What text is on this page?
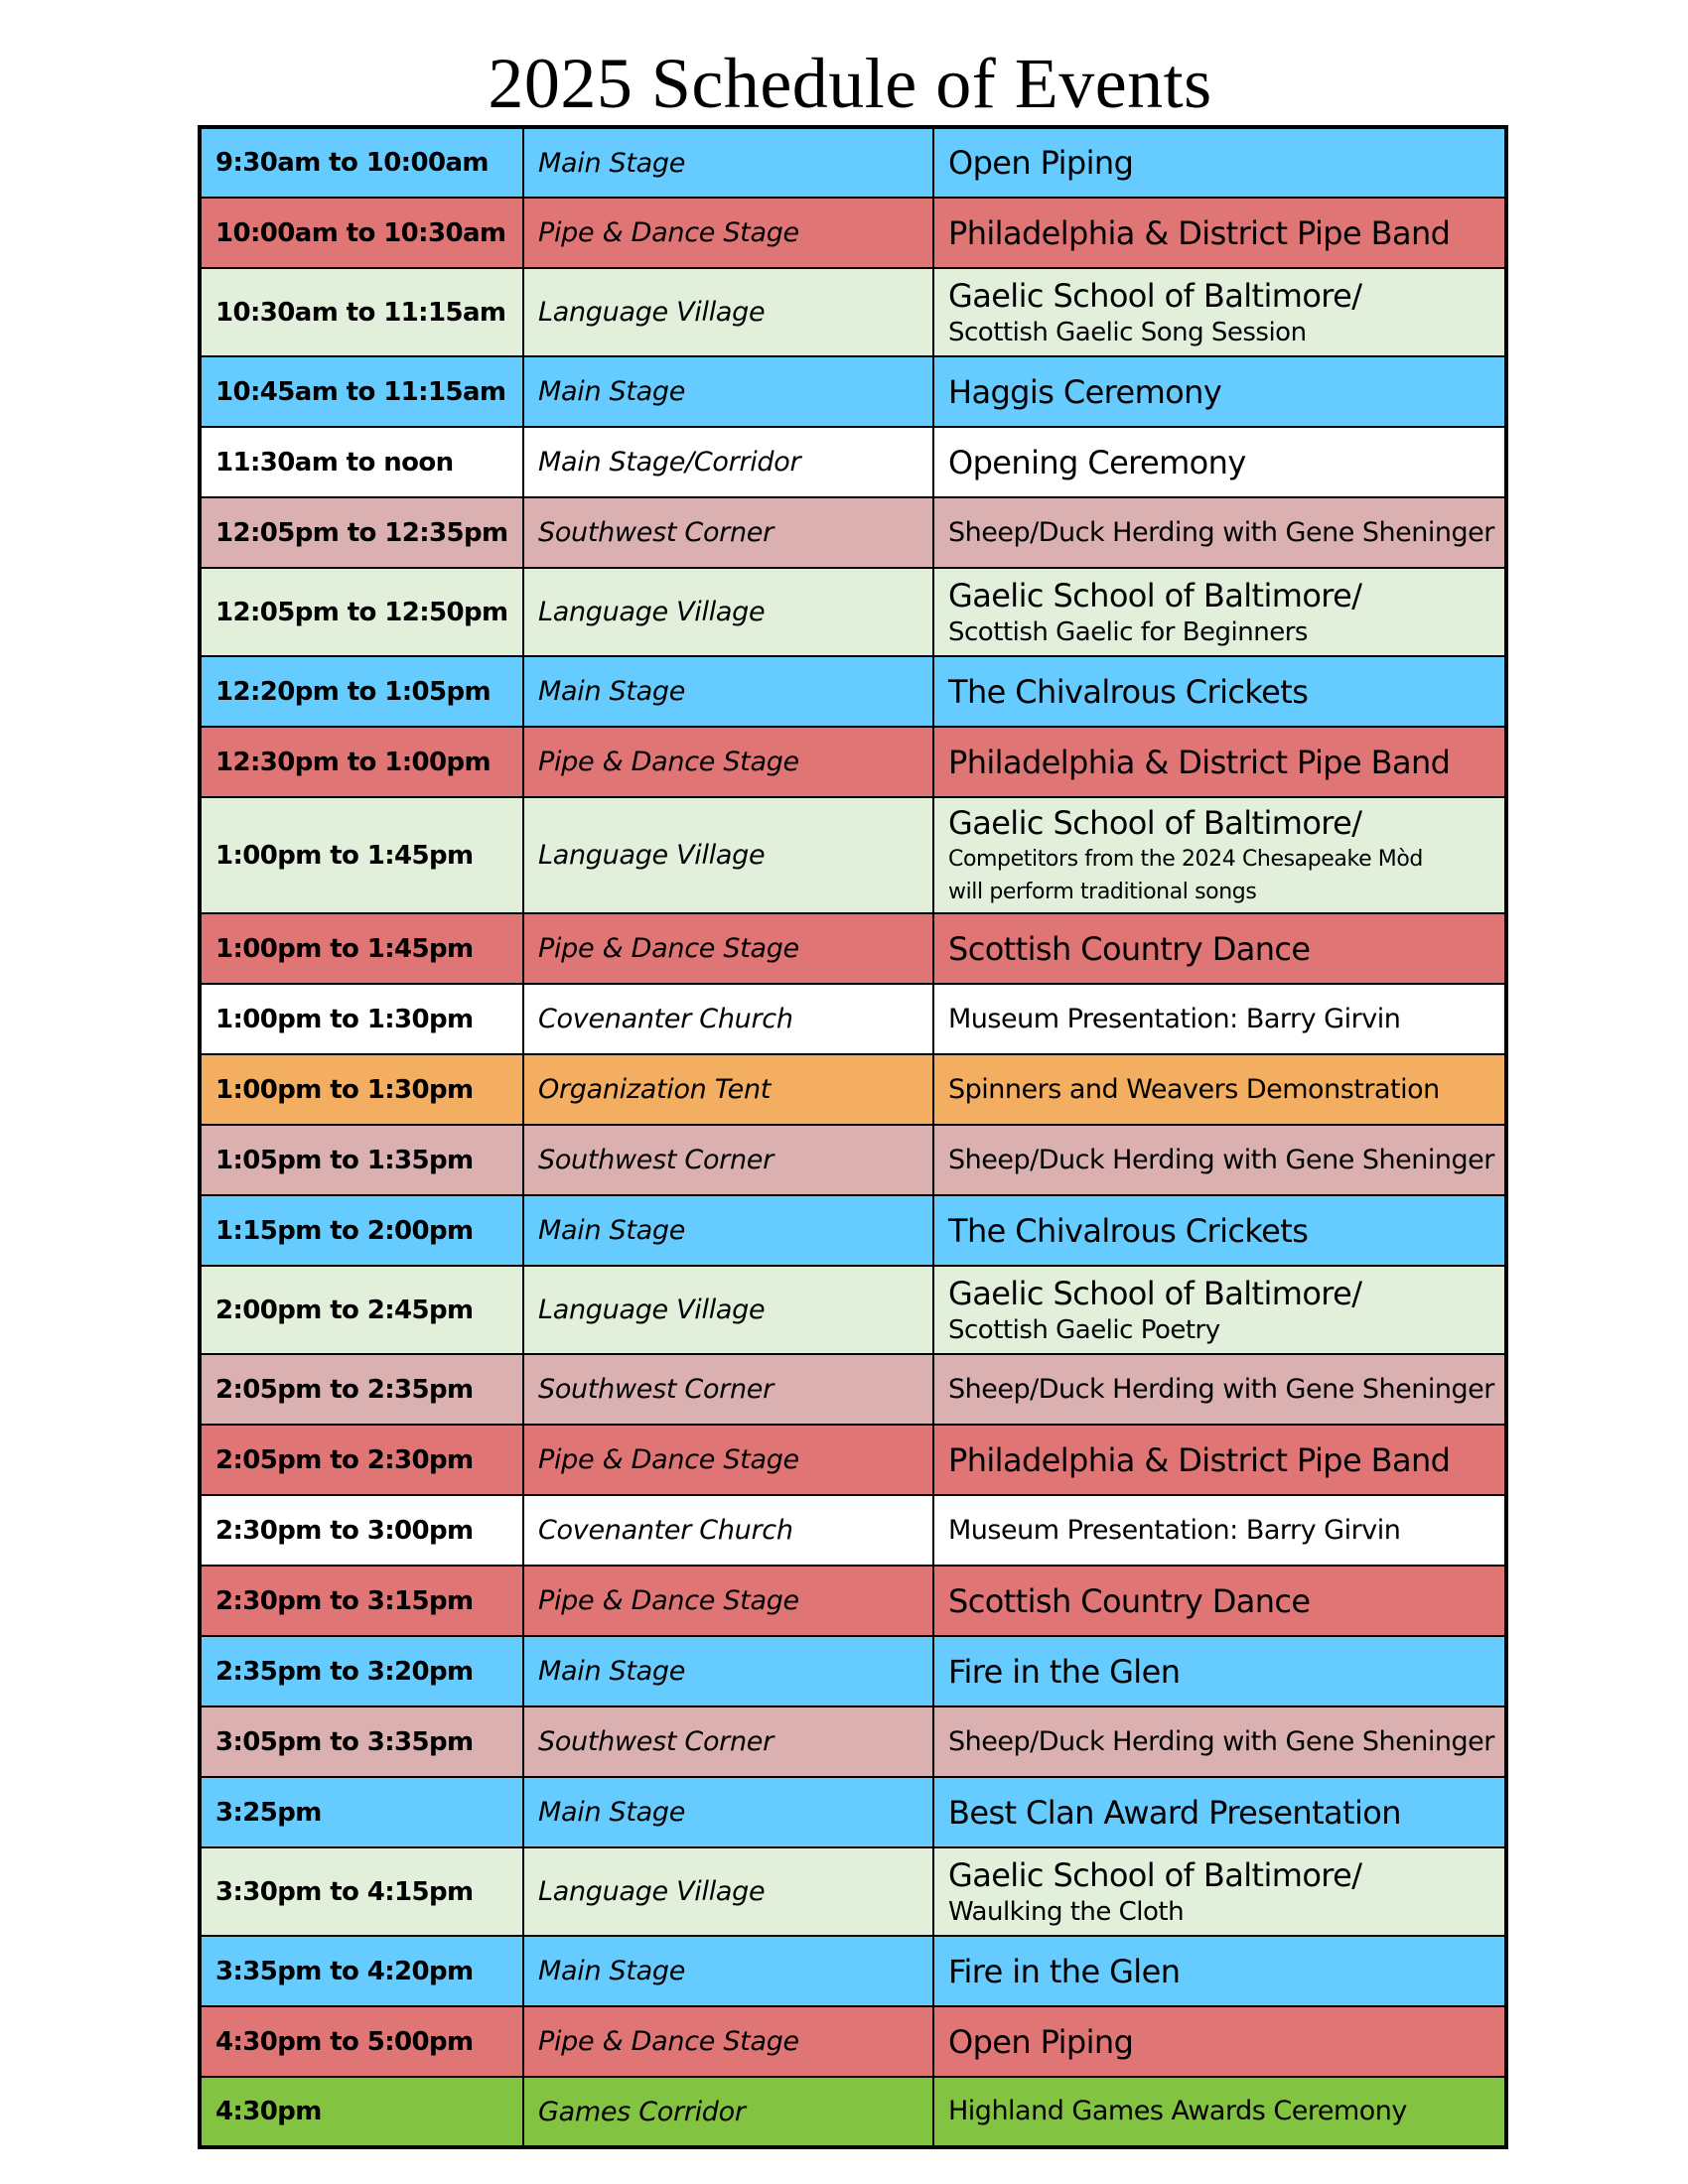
2025 Schedule of Events
9:30am to 10:00am	Main Stage	Open Piping

10:00am to 10:30am	Pipe & Dance Stage	Philadelphia & District Pipe Band

10:30am to 11:15am	Language Village	Gaelic School of Baltimore/
Scottish Gaelic Song Session

10:45am to 11:15am	Main Stage	Haggis Ceremony

11:30am to noon	Main Stage/Corridor	Opening Ceremony

12:05pm to 12:35pm	Southwest Corner	Sheep/Duck Herding with Gene Sheninger

12:05pm to 12:50pm	Language Village	Gaelic School of Baltimore/
Scottish Gaelic for Beginners

12:20pm to 1:05pm	Main Stage	The Chivalrous Crickets

12:30pm to 1:00pm	Pipe & Dance Stage	Philadelphia & District Pipe Band

1:00pm to 1:45pm	Language Village	Gaelic School of Baltimore/
Competitors from the 2024 Chesapeake Mòd
will perform traditional songs

1:00pm to 1:45pm	Pipe & Dance Stage	Scottish Country Dance

1:00pm to 1:30pm	Covenanter Church	Museum Presentation: Barry Girvin

1:00pm to 1:30pm	Organization Tent	Spinners and Weavers Demonstration

1:05pm to 1:35pm	Southwest Corner	Sheep/Duck Herding with Gene Sheninger

1:15pm to 2:00pm	Main Stage	The Chivalrous Crickets

2:00pm to 2:45pm	Language Village	Gaelic School of Baltimore/
Scottish Gaelic Poetry

2:05pm to 2:35pm	Southwest Corner	Sheep/Duck Herding with Gene Sheninger

2:05pm to 2:30pm	Pipe & Dance Stage	Philadelphia & District Pipe Band

2:30pm to 3:00pm	Covenanter Church	Museum Presentation: Barry Girvin

2:30pm to 3:15pm	Pipe & Dance Stage	Scottish Country Dance

2:35pm to 3:20pm	Main Stage	Fire in the Glen

3:05pm to 3:35pm	Southwest Corner	Sheep/Duck Herding with Gene Sheninger

3:25pm	Main Stage	Best Clan Award Presentation

3:30pm to 4:15pm	Language Village	Gaelic School of Baltimore/
Waulking the Cloth

3:35pm to 4:20pm	Main Stage	Fire in the Glen

4:30pm to 5:00pm	Pipe & Dance Stage	Open Piping

4:30pm	Games Corridor	Highland Games Awards Ceremony
